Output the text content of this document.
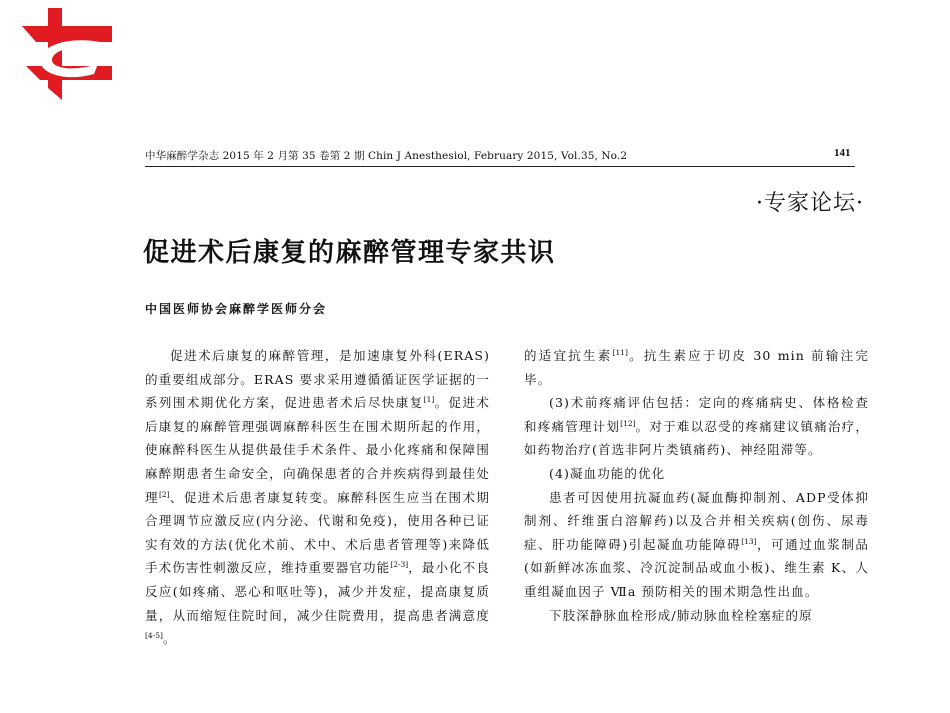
中华麻醉学杂志 2015 年 2 月第 35 卷第 2 期 Chin J Anesthesiol, February 2015, Vol.35, No.2	141
·专家论坛·
促进术后康复的麻醉管理专家共识
中国医师协会麻醉学医师分会

促进术后康复的麻醉管理，是加速康复外科(ERAS)的重要组成部分。ERAS 要求采用遵循循证医学证据的一系列围术期优化方案，促进患者术后尽快康复[1]。促进术后康复的麻醉管理强调麻醉科医生在围术期所起的作用，使麻醉科医生从提供最佳手术条件、最小化疼痛和保障围麻醉期患者生命安全，向确保患者的合并疾病得到最佳处理[2]、促进术后患者康复转变。麻醉科医生应当在围术期合理调节应激反应(内分泌、代谢和免疫)，使用各种已证实有效的方法(优化术前、术中、术后患者管理等)来降低手术伤害性刺激反应，维持重要器官功能[2-3]，最小化不良反应(如疼痛、恶心和呕吐等)，减少并发症，提高康复质量，从而缩短住院时间，减少住院费用，提高患者满意度[4-5]。

的适宜抗生素[11]。抗生素应于切皮 30 min 前输注完毕。

(3)术前疼痛评估包括：定向的疼痛病史、体格检查和疼痛管理计划[12]。对于难以忍受的疼痛建议镇痛治疗，如药物治疗(首选非阿片类镇痛药)、神经阻滞等。

(4)凝血功能的优化

患者可因使用抗凝血药(凝血酶抑制剂、ADP受体抑制剂、纤维蛋白溶解药)以及合并相关疾病(创伤、尿毒症、肝功能障碍)引起凝血功能障碍[13]，可通过血浆制品(如新鲜冰冻血浆、冷沉淀制品或血小板)、维生素 K、人重组凝血因子 Ⅶa 预防相关的围术期急性出血。

下肢深静脉血栓形成/肺动脉血栓栓塞症的原
